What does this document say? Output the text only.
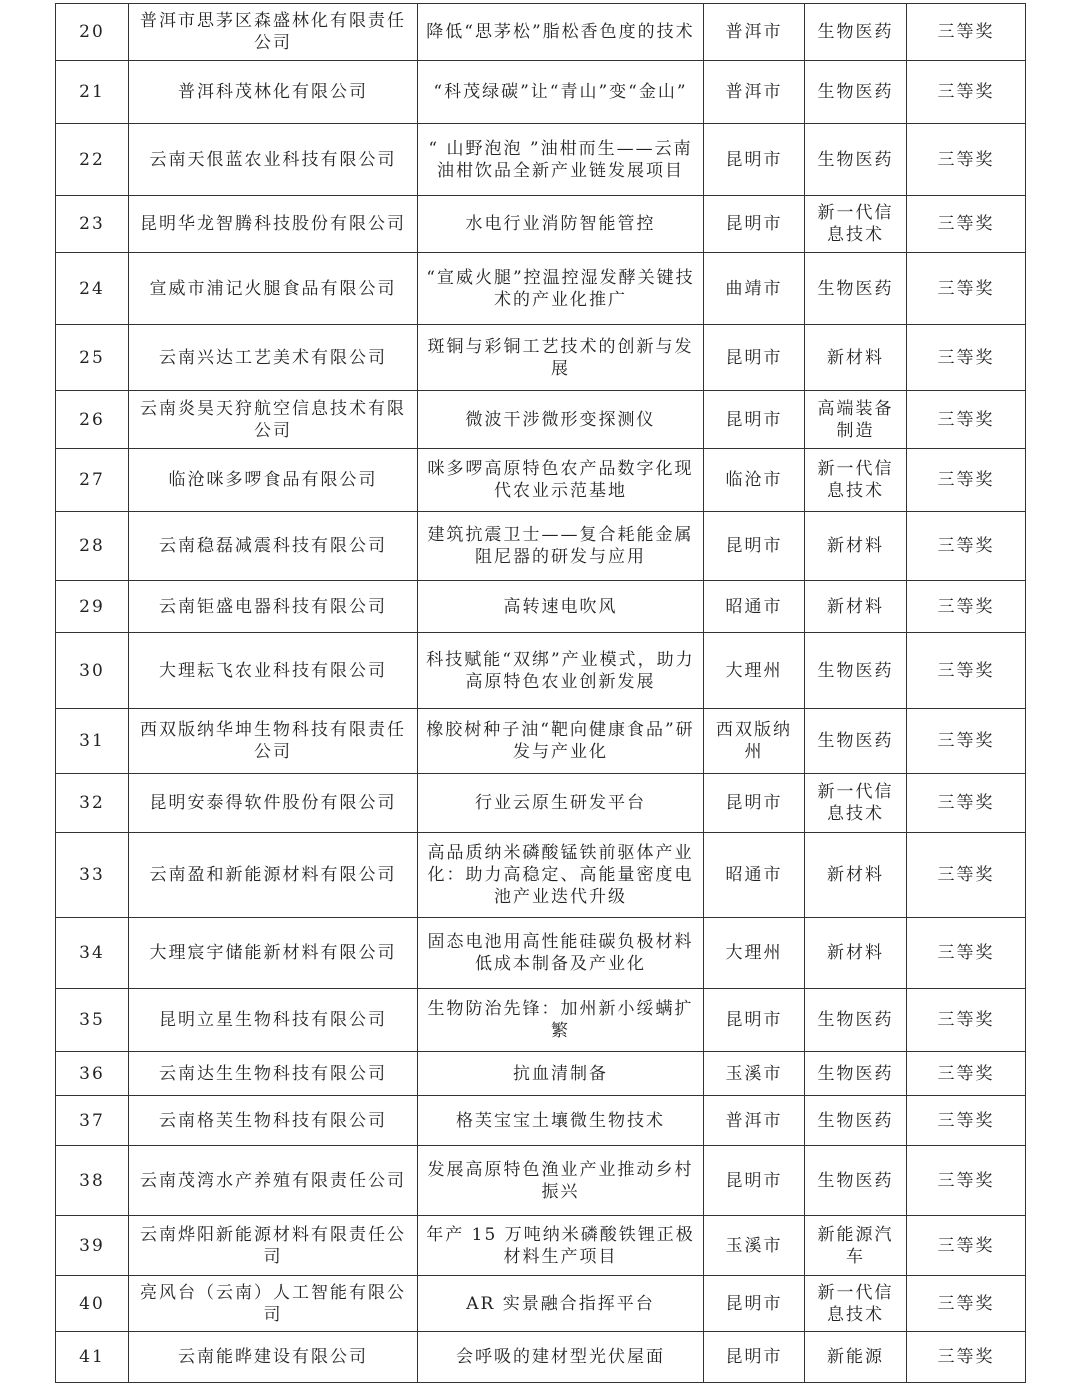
20	普洱市思茅区森盛林化有限责任公司	降低“思茅松”脂松香色度的技术	普洱市	生物医药	三等奖
21	普洱科茂林化有限公司	“科茂绿碳”让“青山”变“金山”	普洱市	生物医药	三等奖
22	云南天佷蓝农业科技有限公司	“ 山野泡泡 ”油柑而生——云南油柑饮品全新产业链发展项目	昆明市	生物医药	三等奖
23	昆明华龙智腾科技股份有限公司	水电行业消防智能管控	昆明市	新一代信息技术	三等奖
24	宣威市浦记火腿食品有限公司	“宣威火腿”控温控湿发酵关键技术的产业化推广	曲靖市	生物医药	三等奖
25	云南兴达工艺美术有限公司	斑铜与彩铜工艺技术的创新与发展	昆明市	新材料	三等奖
26	云南炎昊天狩航空信息技术有限公司	微波干涉微形变探测仪	昆明市	高端装备制造	三等奖
27	临沧咪多啰食品有限公司	咪多啰高原特色农产品数字化现代农业示范基地	临沧市	新一代信息技术	三等奖
28	云南稳磊减震科技有限公司	建筑抗震卫士——复合耗能金属阻尼器的研发与应用	昆明市	新材料	三等奖
29	云南钜盛电器科技有限公司	高转速电吹风	昭通市	新材料	三等奖
30	大理耘飞农业科技有限公司	科技赋能“双绑”产业模式，助力高原特色农业创新发展	大理州	生物医药	三等奖
31	西双版纳华坤生物科技有限责任公司	橡胶树种子油“靶向健康食品”研发与产业化	西双版纳州	生物医药	三等奖
32	昆明安泰得软件股份有限公司	行业云原生研发平台	昆明市	新一代信息技术	三等奖
33	云南盈和新能源材料有限公司	高品质纳米磷酸锰铁前驱体产业化：助力高稳定、高能量密度电池产业迭代升级	昭通市	新材料	三等奖
34	大理宸宇储能新材料有限公司	固态电池用高性能硅碳负极材料低成本制备及产业化	大理州	新材料	三等奖
35	昆明立星生物科技有限公司	生物防治先锋：加州新小绥螨扩繁	昆明市	生物医药	三等奖
36	云南达生生物科技有限公司	抗血清制备	玉溪市	生物医药	三等奖
37	云南格芙生物科技有限公司	格芙宝宝土壤微生物技术	普洱市	生物医药	三等奖
38	云南茂湾水产养殖有限责任公司	发展高原特色渔业产业推动乡村振兴	昆明市	生物医药	三等奖
39	云南烨阳新能源材料有限责任公司	年产 15 万吨纳米磷酸铁锂正极材料生产项目	玉溪市	新能源汽车	三等奖
40	亮风台（云南）人工智能有限公司	AR 实景融合指挥平台	昆明市	新一代信息技术	三等奖
41	云南能晔建设有限公司	会呼吸的建材型光伏屋面	昆明市	新能源	三等奖
